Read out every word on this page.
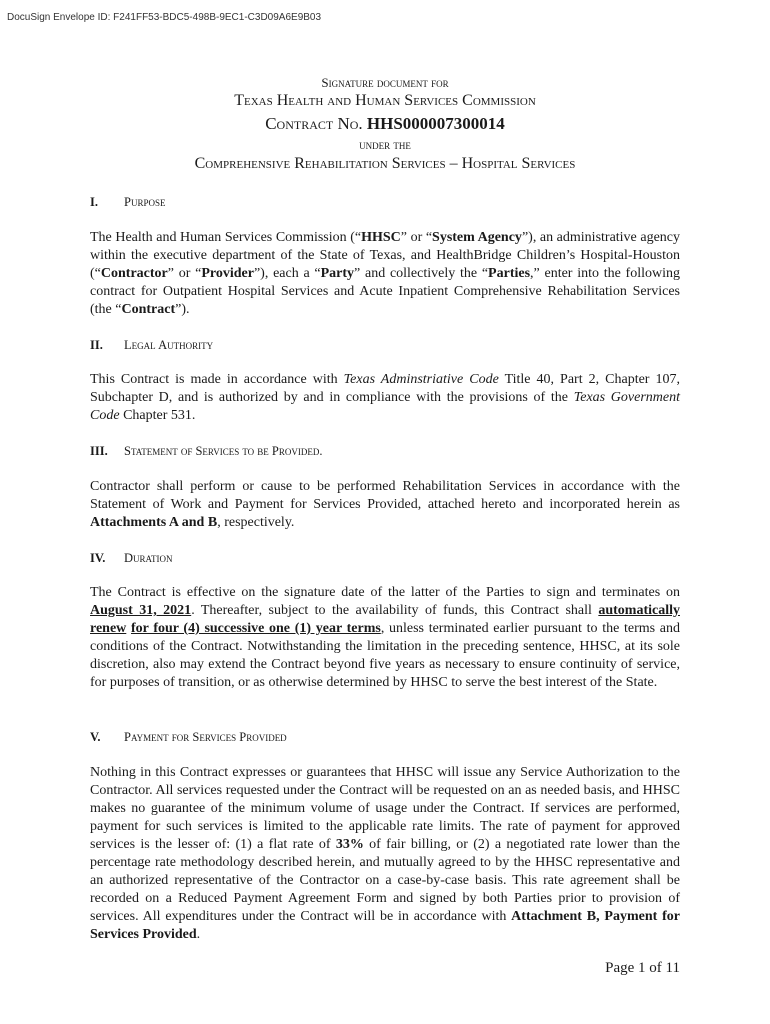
DocuSign Envelope ID: F241FF53-BDC5-498B-9EC1-C3D09A6E9B03
Signature document for
Texas Health and Human Services Commission
Contract No. HHS000007300014
under the
Comprehensive Rehabilitation Services – Hospital Services
I. Purpose
The Health and Human Services Commission (“HHSC” or “System Agency”), an administrative agency within the executive department of the State of Texas, and HealthBridge Children’s Hospital-Houston (“Contractor” or “Provider”), each a “Party” and collectively the “Parties,” enter into the following contract for Outpatient Hospital Services and Acute Inpatient Comprehensive Rehabilitation Services (the “Contract”).
II. Legal Authority
This Contract is made in accordance with Texas Adminstriative Code Title 40, Part 2, Chapter 107, Subchapter D, and is authorized by and in compliance with the provisions of the Texas Government Code Chapter 531.
III. Statement of Services to be Provided.
Contractor shall perform or cause to be performed Rehabilitation Services in accordance with the Statement of Work and Payment for Services Provided, attached hereto and incorporated herein as Attachments A and B, respectively.
IV. Duration
The Contract is effective on the signature date of the latter of the Parties to sign and terminates on August 31, 2021. Thereafter, subject to the availability of funds, this Contract shall automatically renew for four (4) successive one (1) year terms, unless terminated earlier pursuant to the terms and conditions of the Contract. Notwithstanding the limitation in the preceding sentence, HHSC, at its sole discretion, also may extend the Contract beyond five years as necessary to ensure continuity of service, for purposes of transition, or as otherwise determined by HHSC to serve the best interest of the State.
V. Payment for Services Provided
Nothing in this Contract expresses or guarantees that HHSC will issue any Service Authorization to the Contractor. All services requested under the Contract will be requested on an as needed basis, and HHSC makes no guarantee of the minimum volume of usage under the Contract. If services are performed, payment for such services is limited to the applicable rate limits. The rate of payment for approved services is the lesser of: (1) a flat rate of 33% of fair billing, or (2) a negotiated rate lower than the percentage rate methodology described herein, and mutually agreed to by the HHSC representative and an authorized representative of the Contractor on a case-by-case basis. This rate agreement shall be recorded on a Reduced Payment Agreement Form and signed by both Parties prior to provision of services. All expenditures under the Contract will be in accordance with Attachment B, Payment for Services Provided.
Page 1 of 11
